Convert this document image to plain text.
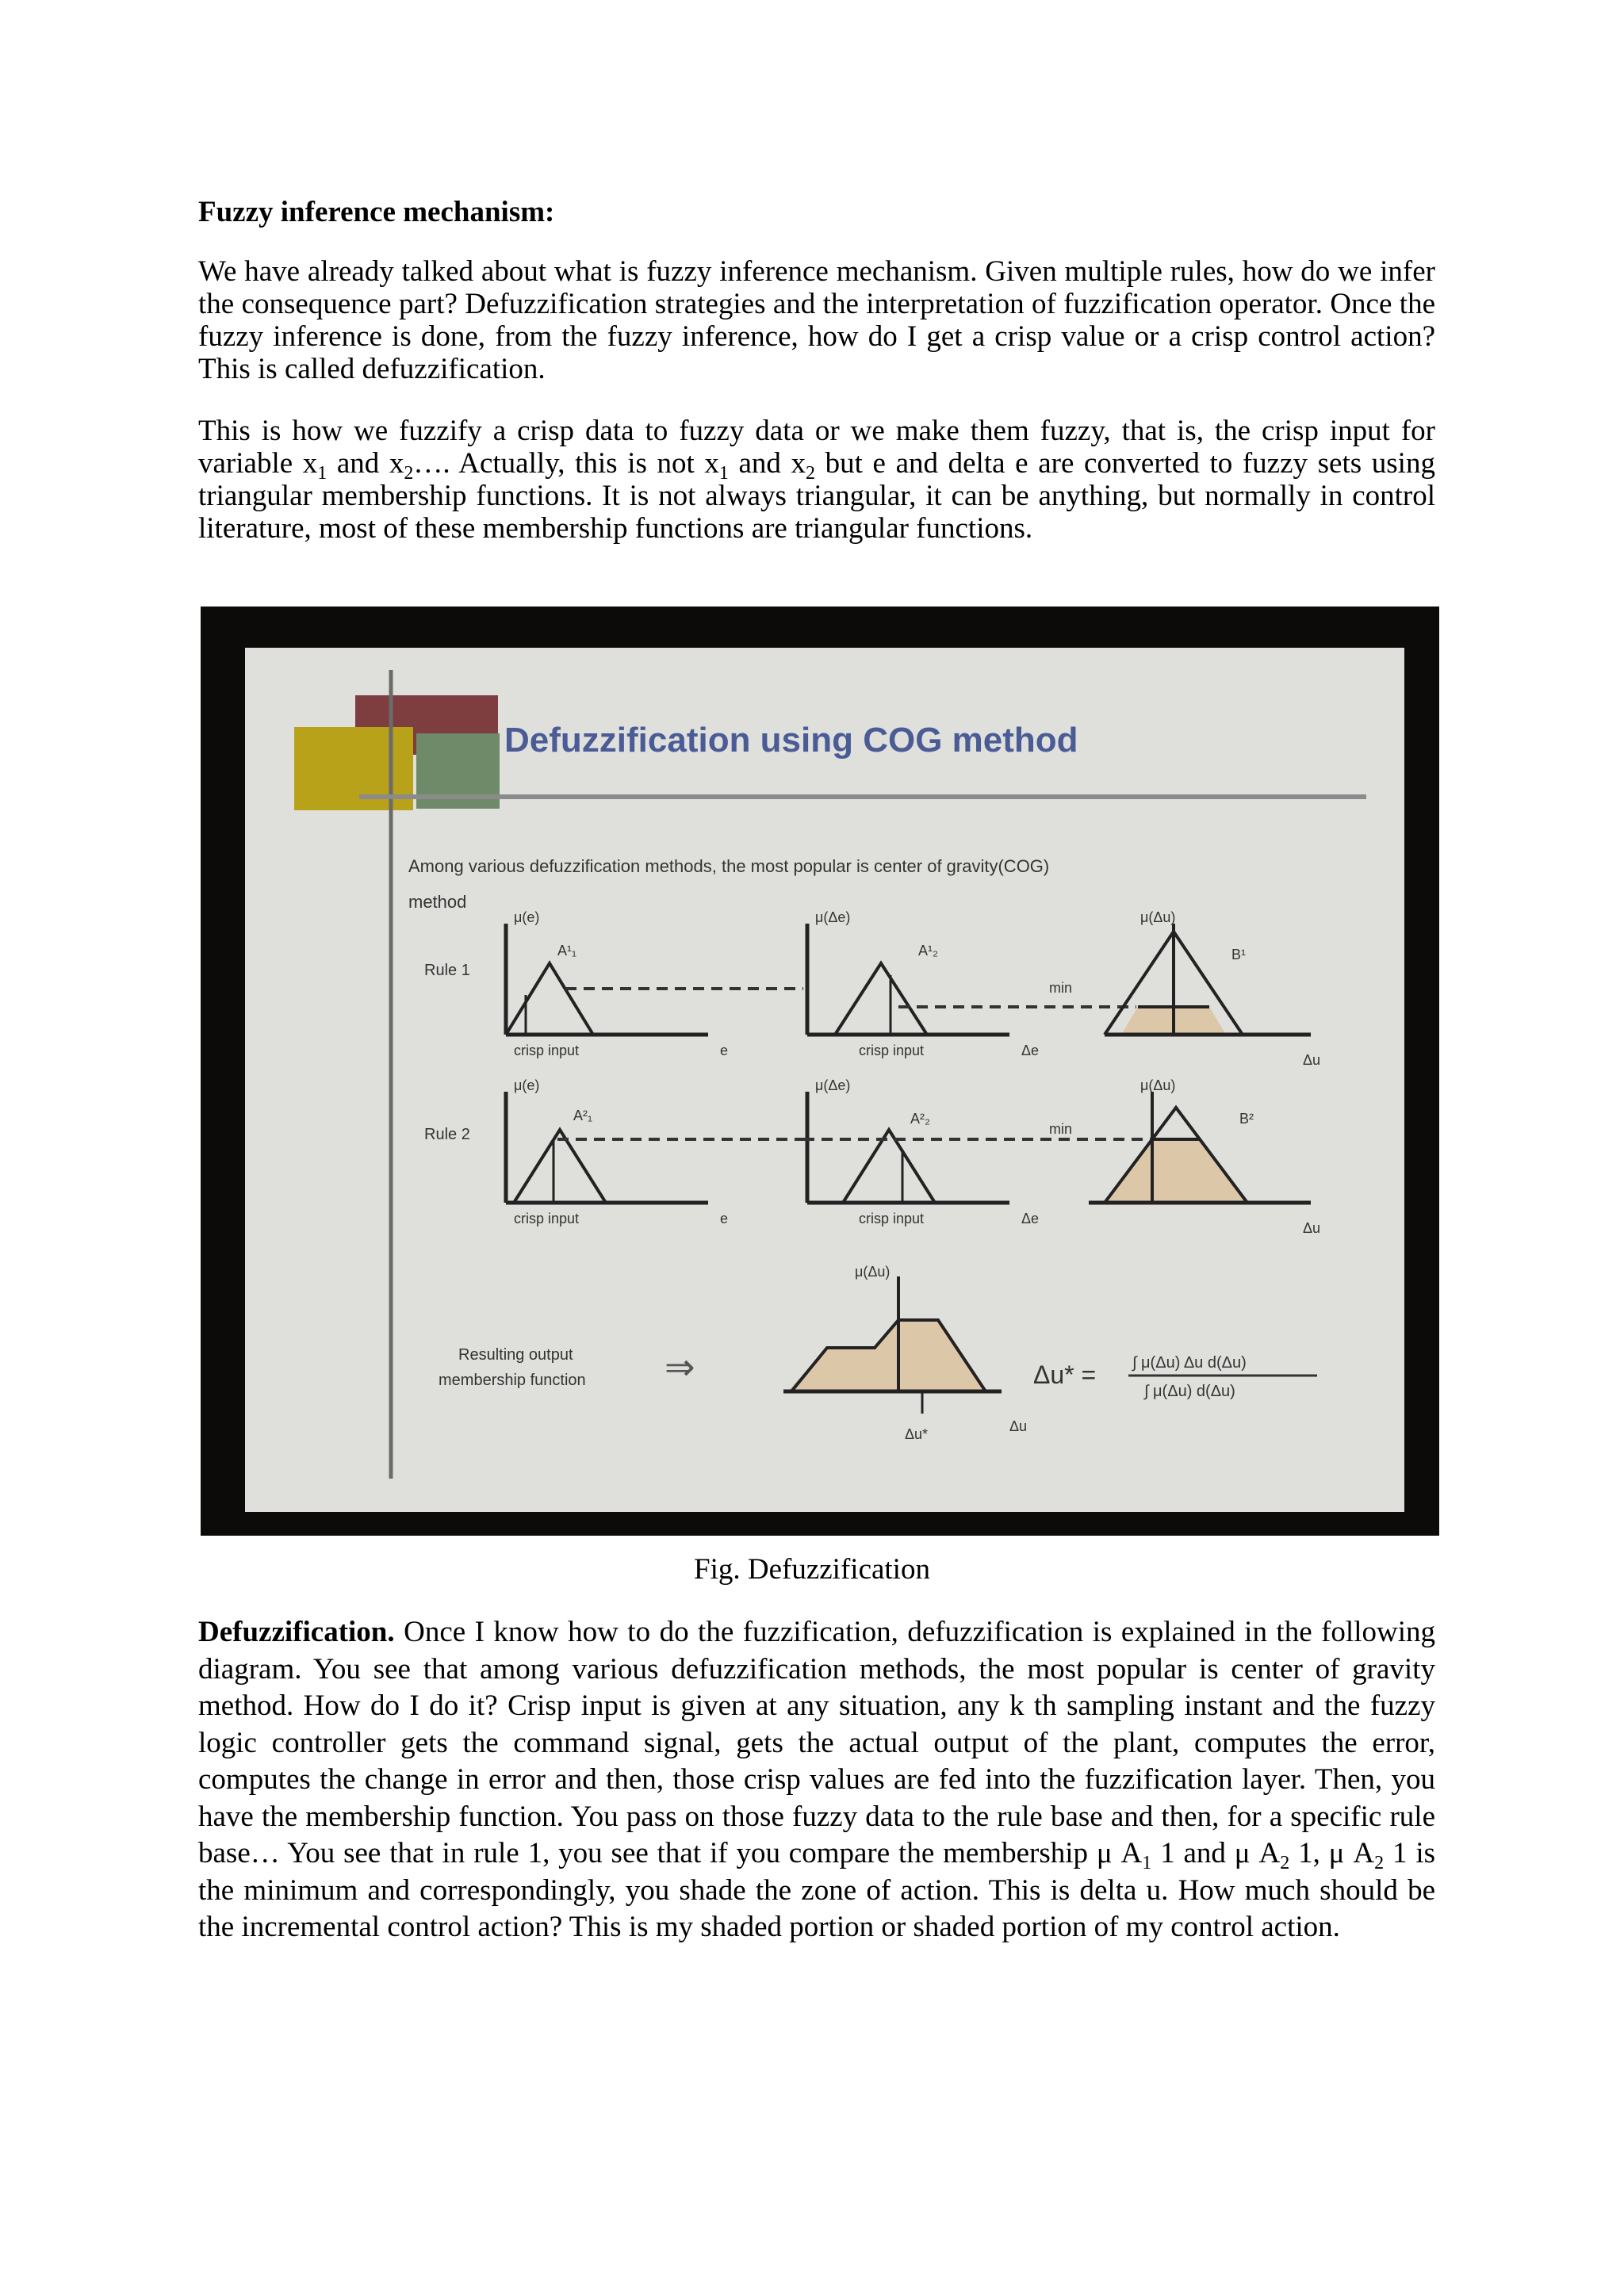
Fuzzy inference mechanism:

We have already talked about what is fuzzy inference mechanism. Given multiple rules, how do we infer the consequence part? Defuzzification strategies and the interpretation of fuzzification operator. Once the fuzzy inference is done, from the fuzzy inference, how do I get a crisp value or a crisp control action? This is called defuzzification.

This is how we fuzzify a crisp data to fuzzy data or we make them fuzzy, that is, the crisp input for variable $x_1$ and $x_2\dots$. Actually, this is not $x_1$ and $x_2$ but e and delta e are converted to fuzzy sets using triangular membership functions. It is not always triangular, it can be anything, but normally in control literature, most of these membership functions are triangular functions.

Defuzzification. Once I know how to do the fuzzification, defuzzification is explained in the following diagram. You see that among various defuzzification methods, the most popular is center of gravity method. How do I do it? Crisp input is given at any situation, any k th sampling instant and the fuzzy logic controller gets the command signal, gets the actual output of the plant, computes the error, computes the change in error and then, those crisp values are fed into the fuzzification layer. Then, you have the membership function. You pass on those fuzzy data to the rule base and then, for a specific rule base… You see that in rule 1, you see that if you compare the membership μ $A_1$ 1 and μ $A_2$ 1, μ $A_2$ 1 is the minimum and correspondingly, you shade the zone of action. This is delta u. How much should be the incremental control action? This is my shaded portion or shaded portion of my control action.

Defuzzification using COG method
Among various defuzzification methods, the most popular is center of gravity(COG)
method
Rule 1
μ(e)
A¹₁
crisp input	e
μ(Δe)
A¹₂
crisp input	Δe
min
μ(Δu)
B¹
Δu
Rule 2
μ(e)
A²₁
crisp input	e
μ(Δe)
A²₂
crisp input	Δe
min
μ(Δu)
B²
Δu
Resulting output
membership function ⇒
μ(Δu)
Δu
Δu*
Δu* = ∫ μ(Δu) Δu d(Δu)
∫ μ(Δu) d(Δu)
Fig. Defuzzification
